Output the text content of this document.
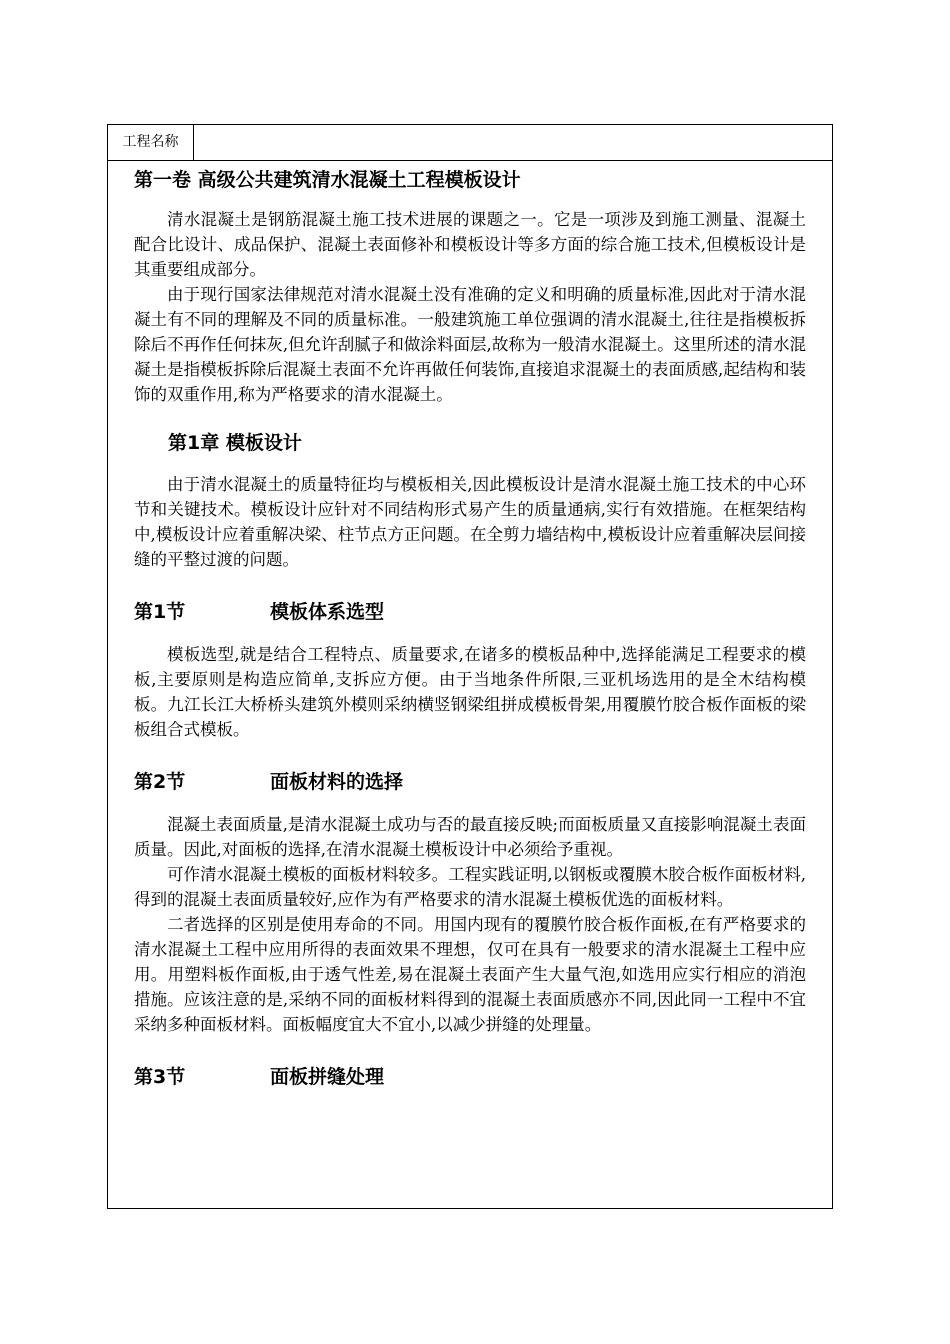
工程名称
第一卷 高级公共建筑清水混凝土工程模板设计

清水混凝土是钢筋混凝土施工技术进展的课题之一。它是一项涉及到施工测量、混凝土配合比设计、成品保护、混凝土表面修补和模板设计等多方面的综合施工技术,但模板设计是其重要组成部分。

由于现行国家法律规范对清水混凝土没有准确的定义和明确的质量标准,因此对于清水混凝土有不同的理解及不同的质量标准。一般建筑施工单位强调的清水混凝土,往往是指模板拆除后不再作任何抹灰,但允许刮腻子和做涂料面层,故称为一般清水混凝土。这里所述的清水混凝土是指模板拆除后混凝土表面不允许再做任何装饰,直接追求混凝土的表面质感,起结构和装饰的双重作用,称为严格要求的清水混凝土。

第1章 模板设计

由于清水混凝土的质量特征均与模板相关,因此模板设计是清水混凝土施工技术的中心环节和关键技术。模板设计应针对不同结构形式易产生的质量通病,实行有效措施。在框架结构中,模板设计应着重解决梁、柱节点方正问题。在全剪力墙结构中,模板设计应着重解决层间接缝的平整过渡的问题。

第1节	模板体系选型

模板选型,就是结合工程特点、质量要求,在诸多的模板品种中,选择能满足工程要求的模板,主要原则是构造应简单,支拆应方便。由于当地条件所限,三亚机场选用的是全木结构模板。九江长江大桥桥头建筑外模则采纳横竖钢梁组拼成模板骨架,用覆膜竹胶合板作面板的梁板组合式模板。

第2节	面板材料的选择

混凝土表面质量,是清水混凝土成功与否的最直接反映;而面板质量又直接影响混凝土表面质量。因此,对面板的选择,在清水混凝土模板设计中必须给予重视。

可作清水混凝土模板的面板材料较多。工程实践证明,以钢板或覆膜木胶合板作面板材料,得到的混凝土表面质量较好,应作为有严格要求的清水混凝土模板优选的面板材料。

二者选择的区别是使用寿命的不同。用国内现有的覆膜竹胶合板作面板,在有严格要求的清水混凝土工程中应用所得的表面效果不理想，仅可在具有一般要求的清水混凝土工程中应用。用塑料板作面板,由于透气性差,易在混凝土表面产生大量气泡,如选用应实行相应的消泡措施。应该注意的是,采纳不同的面板材料得到的混凝土表面质感亦不同,因此同一工程中不宜采纳多种面板材料。面板幅度宜大不宜小,以减少拼缝的处理量。

第3节	面板拼缝处理
